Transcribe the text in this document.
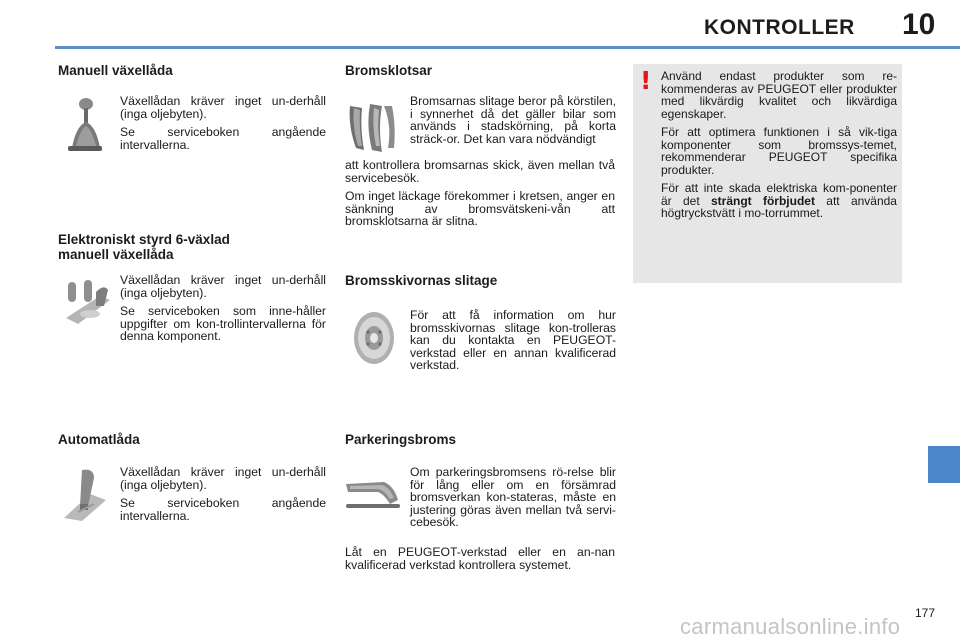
KONTROLLER 10
Manuell växellåda

Växellådan kräver inget un-derhåll (inga oljebyten).

Se serviceboken angående intervallerna.

Elektroniskt styrd 6-växlad
manuell växellåda

Växellådan kräver inget un-derhåll (inga oljebyten).

Se serviceboken som inne-håller uppgifter om kon-trollintervallerna för denna komponent.

Automatlåda

Växellådan kräver inget un-derhåll (inga oljebyten).

Se serviceboken angående intervallerna.

Bromsklotsar

Bromsarnas slitage beror på körstilen, i synnerhet då det gäller bilar som används i stadskörning, på korta sträck-or. Det kan vara nödvändigt

att kontrollera bromsarnas skick, även mellan två servicebesök.

Om inget läckage förekommer i kretsen, anger en sänkning av bromsvätskeni-vån att bromsklotsarna är slitna.

Bromsskivornas slitage

För att få information om hur bromsskivornas slitage kon-trolleras kan du kontakta en PEUGEOT-verkstad eller en annan kvalificerad verkstad.

Parkeringsbroms

Om parkeringsbromsens rö-relse blir för lång eller om en försämrad bromsverkan kon-stateras, måste en justering göras även mellan två servi-cebesök.

Låt en PEUGEOT-verkstad eller en an-nan kvalificerad verkstad kontrollera systemet.

! Använd endast produkter som re-kommenderas av PEUGEOT eller produkter med likvärdig kvalitet och likvärdiga egenskaper.

För att optimera funktionen i så vik-tiga komponenter som bromssys-temet, rekommenderar PEUGEOT specifika produkter.

För att inte skada elektriska kom-ponenter är det strängt förbjudet att använda högtryckstvätt i mo-torrummet.

carmanualsonline.info
177
